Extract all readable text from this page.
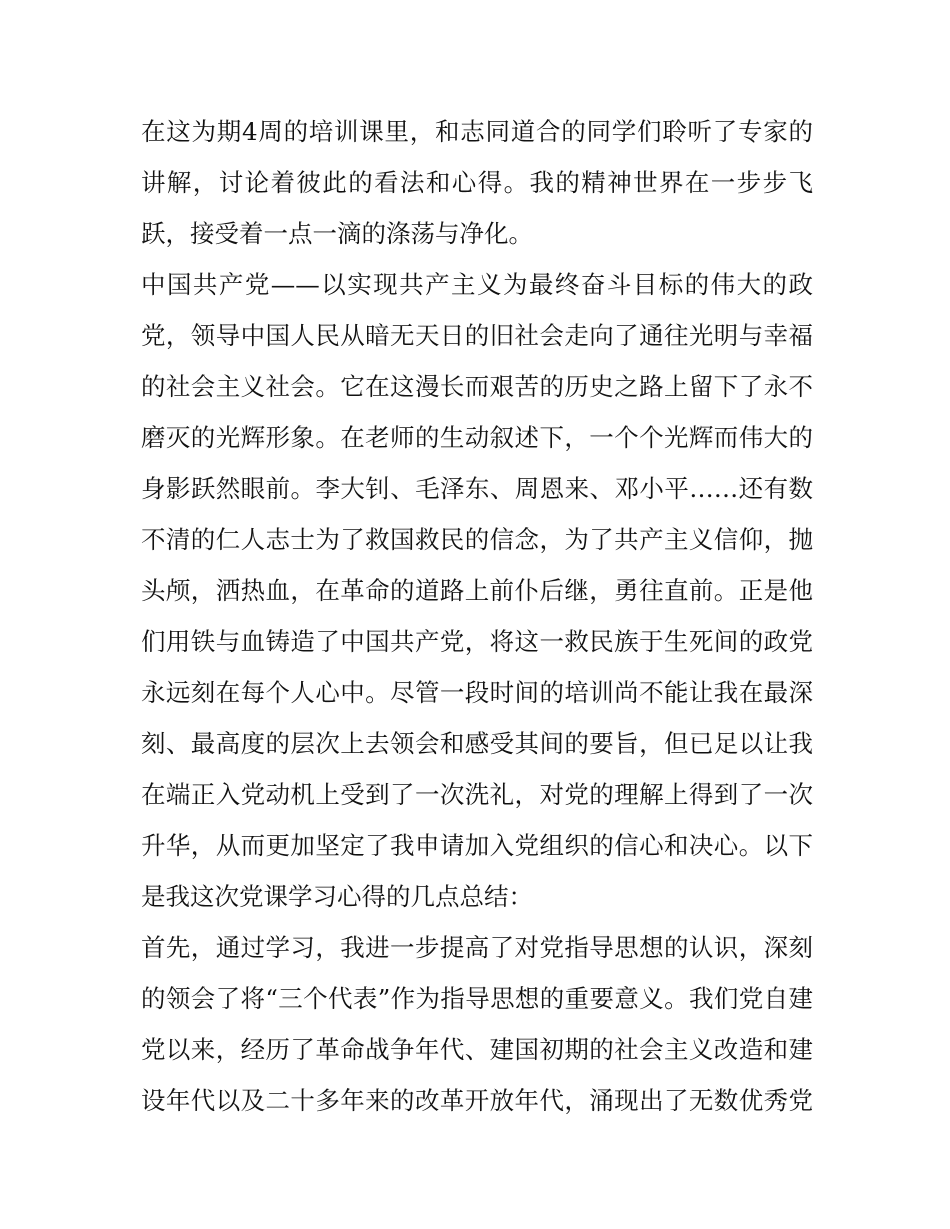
在这为期4周的培训课里，和志同道合的同学们聆听了专家的
讲解，讨论着彼此的看法和心得。我的精神世界在一步步飞
跃，接受着一点一滴的涤荡与净化。
中国共产党——以实现共产主义为最终奋斗目标的伟大的政
党，领导中国人民从暗无天日的旧社会走向了通往光明与幸福
的社会主义社会。它在这漫长而艰苦的历史之路上留下了永不
磨灭的光辉形象。在老师的生动叙述下，一个个光辉而伟大的
身影跃然眼前。李大钊、毛泽东、周恩来、邓小平……还有数
不清的仁人志士为了救国救民的信念，为了共产主义信仰，抛
头颅，洒热血，在革命的道路上前仆后继，勇往直前。正是他
们用铁与血铸造了中国共产党，将这一救民族于生死间的政党
永远刻在每个人心中。尽管一段时间的培训尚不能让我在最深
刻、最高度的层次上去领会和感受其间的要旨，但已足以让我
在端正入党动机上受到了一次洗礼，对党的理解上得到了一次
升华，从而更加坚定了我申请加入党组织的信心和决心。以下
是我这次党课学习心得的几点总结：
首先，通过学习，我进一步提高了对党指导思想的认识，深刻
的领会了将“三个代表”作为指导思想的重要意义。我们党自建
党以来，经历了革命战争年代、建国初期的社会主义改造和建
设年代以及二十多年来的改革开放年代，涌现出了无数优秀党
